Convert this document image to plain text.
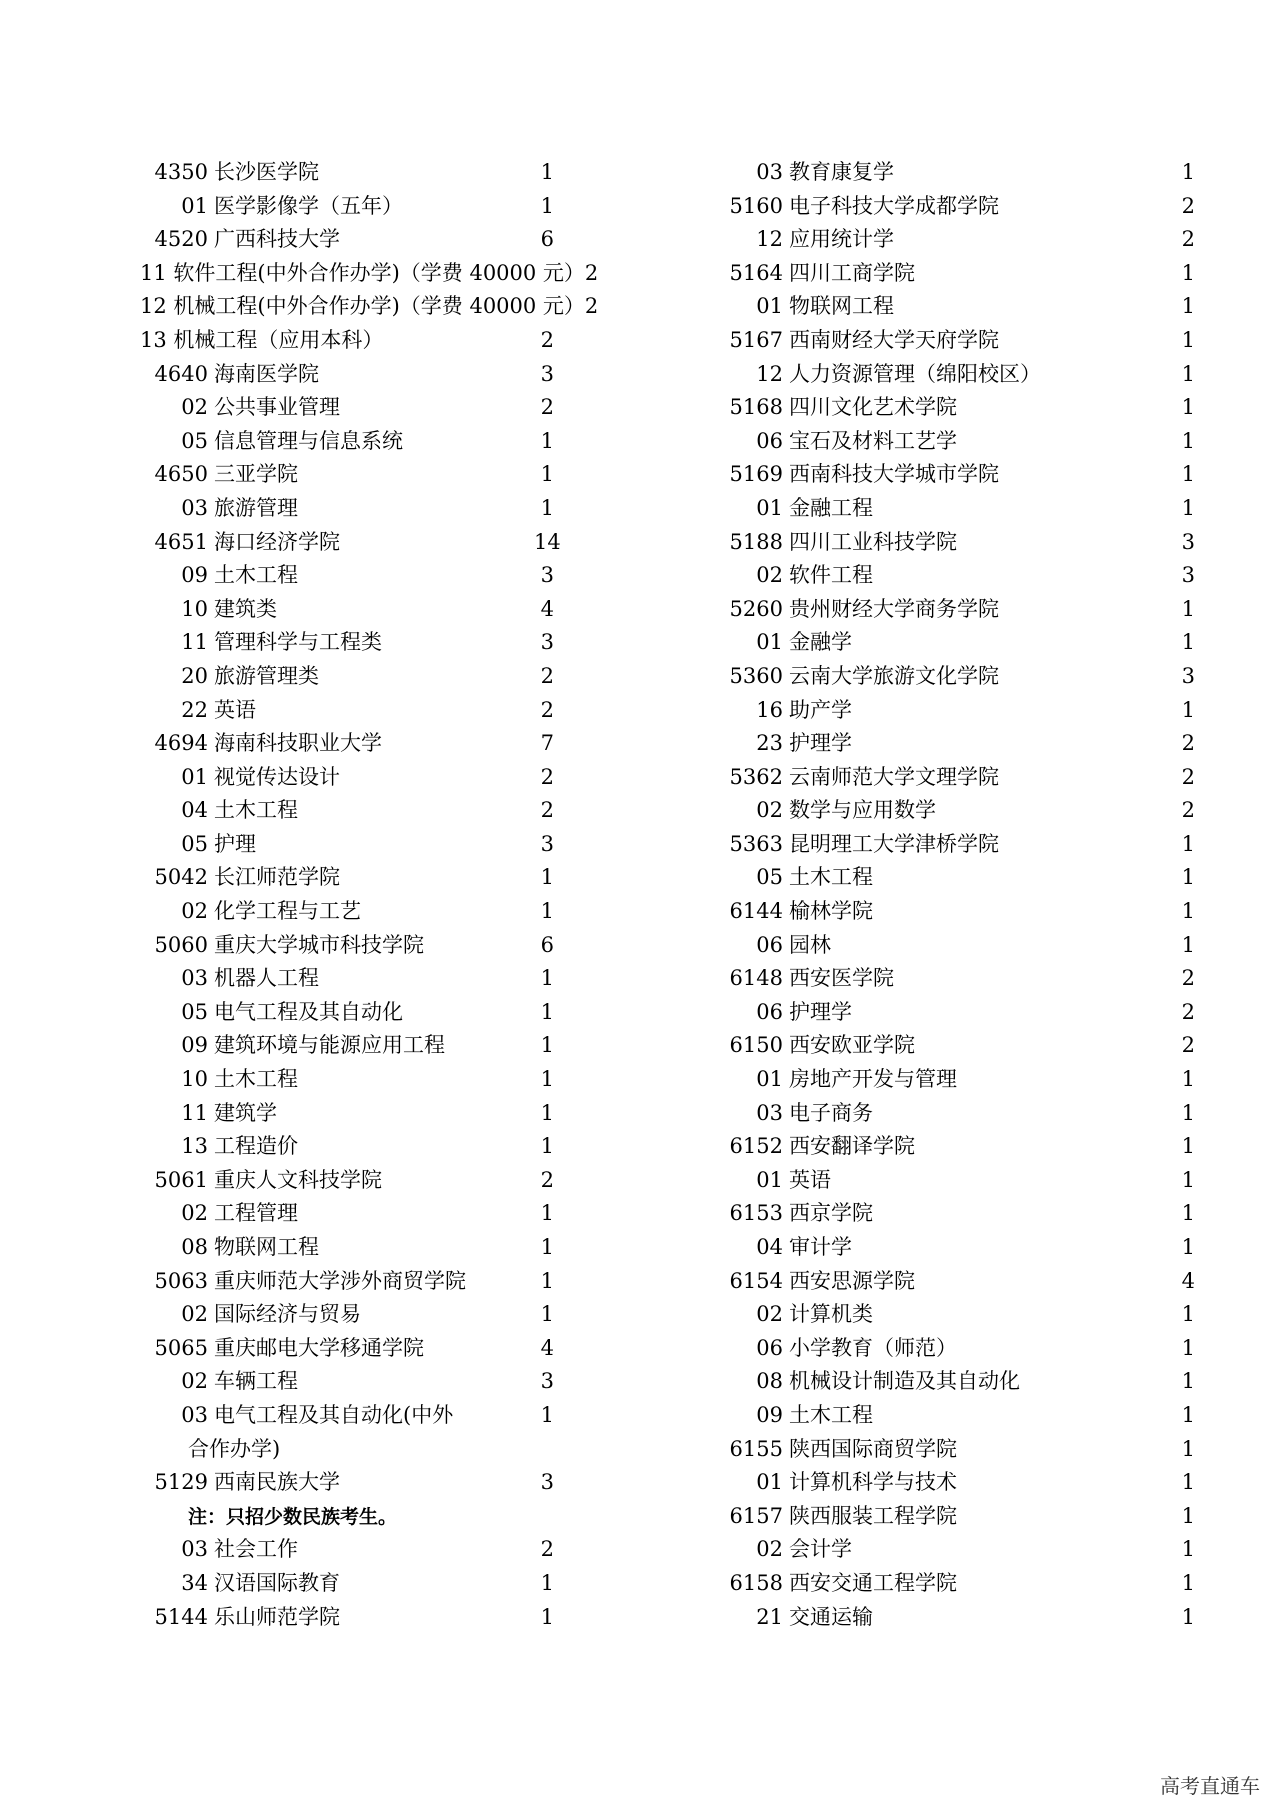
4350 长沙医学院	1
01 医学影像学（五年）	1
4520 广西科技大学	6
11 软件工程(中外合作办学)（学费 40000 元）2
12 机械工程(中外合作办学)（学费 40000 元）2
13 机械工程（应用本科）	2
4640 海南医学院	3
02 公共事业管理	2
05 信息管理与信息系统	1
4650 三亚学院	1
03 旅游管理	1
4651 海口经济学院	14
09 土木工程	3
10 建筑类	4
11 管理科学与工程类	3
20 旅游管理类	2
22 英语	2
4694 海南科技职业大学	7
01 视觉传达设计	2
04 土木工程	2
05 护理	3
5042 长江师范学院	1
02 化学工程与工艺	1
5060 重庆大学城市科技学院	6
03 机器人工程	1
05 电气工程及其自动化	1
09 建筑环境与能源应用工程	1
10 土木工程	1
11 建筑学	1
13 工程造价	1
5061 重庆人文科技学院	2
02 工程管理	1
08 物联网工程	1
5063 重庆师范大学涉外商贸学院	1
02 国际经济与贸易	1
5065 重庆邮电大学移通学院	4
02 车辆工程	3
03 电气工程及其自动化(中外	1
合作办学)
5129 西南民族大学	3
注：只招少数民族考生。
03 社会工作	2
34 汉语国际教育	1
5144 乐山师范学院	1
03 教育康复学	1
5160 电子科技大学成都学院	2
12 应用统计学	2
5164 四川工商学院	1
01 物联网工程	1
5167 西南财经大学天府学院	1
12 人力资源管理（绵阳校区）	1
5168 四川文化艺术学院	1
06 宝石及材料工艺学	1
5169 西南科技大学城市学院	1
01 金融工程	1
5188 四川工业科技学院	3
02 软件工程	3
5260 贵州财经大学商务学院	1
01 金融学	1
5360 云南大学旅游文化学院	3
16 助产学	1
23 护理学	2
5362 云南师范大学文理学院	2
02 数学与应用数学	2
5363 昆明理工大学津桥学院	1
05 土木工程	1
6144 榆林学院	1
06 园林	1
6148 西安医学院	2
06 护理学	2
6150 西安欧亚学院	2
01 房地产开发与管理	1
03 电子商务	1
6152 西安翻译学院	1
01 英语	1
6153 西京学院	1
04 审计学	1
6154 西安思源学院	4
02 计算机类	1
06 小学教育（师范）	1
08 机械设计制造及其自动化	1
09 土木工程	1
6155 陕西国际商贸学院	1
01 计算机科学与技术	1
6157 陕西服装工程学院	1
02 会计学	1
6158 西安交通工程学院	1
21 交通运输	1
高考直通车
